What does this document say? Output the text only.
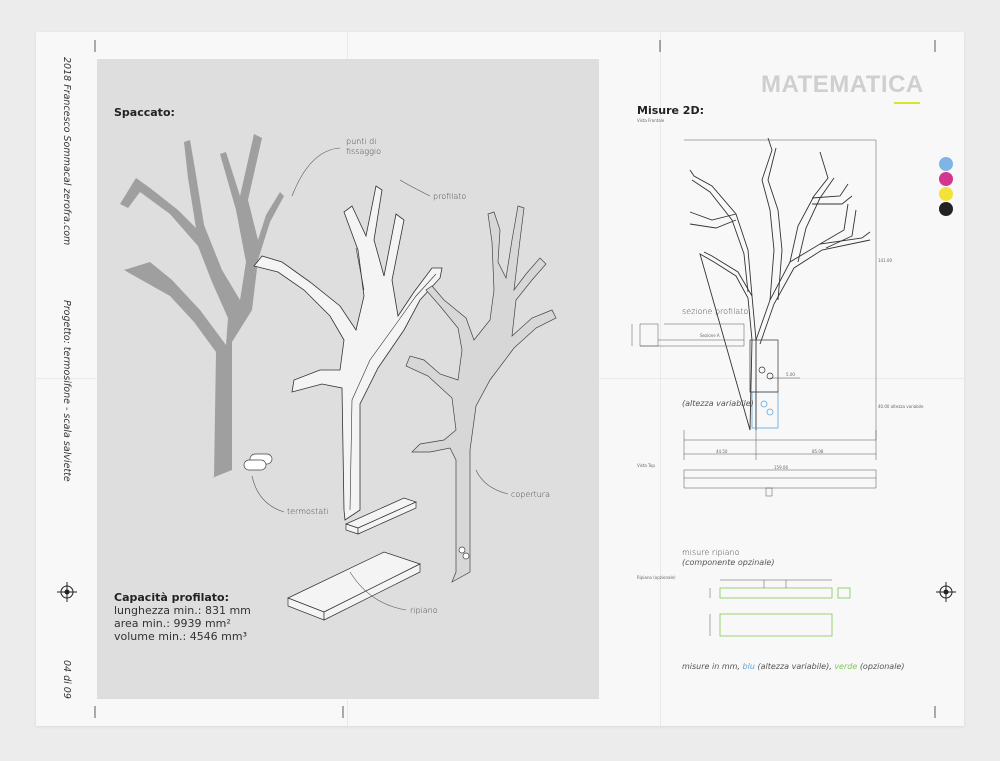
2018 Francesco Sommacal zerofra.com
Progetto: termosifone - scala salviette
04 di 09
Spaccato:
punti di
fissaggio
profilato
termostati
copertura
ripiano
Capacità profilato:
lunghezza min.: 831 mm
area min.: 9939 mm²
volume min.: 4546 mm³
MATEMATICA
Misure 2D:
Vista Frontale
Vista Top
Ripiano (opzionale)
sezione profilato
(altezza variabile)
44.50	85.08
159.06
141.00
40.00 altezza variabile
Sezione A
5.00
misure ripiano
(componente opzinale)
misure in mm, blu (altezza variabile), verde (opzionale)
